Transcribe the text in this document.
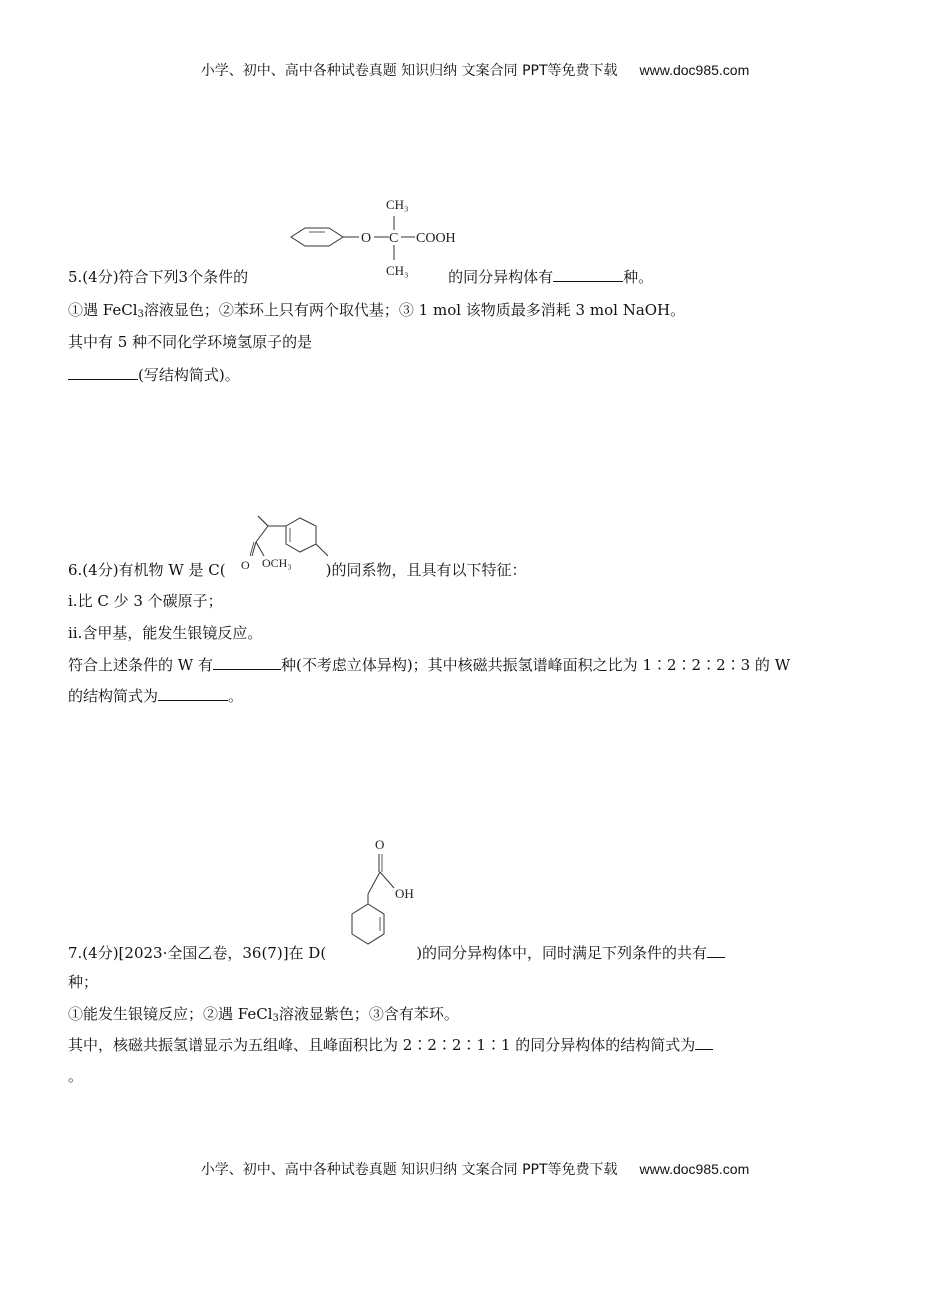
小学、初中、高中各种试卷真题 知识归纳 文案合同 PPT等免费下载 www.doc985.com
O C
CH₃
CH₃
COOH
5.(4分)符合下列3个条件的	的同分异构体有	种。
①遇 FeCl$_3$溶液显色；②苯环上只有两个取代基；③ 1 mol 该物质最多消耗 3 mol NaOH。
其中有 5 种不同化学环境氢原子的是
(写结构简式)。
O OCH₃
6.(4分)有机物 W 是 C(	)的同系物，且具有以下特征：
ⅰ.比 C 少 3 个碳原子；
ⅱ.含甲基，能发生银镜反应。
符合上述条件的 W 有	种(不考虑立体异构)；其中核磁共振氢谱峰面积之比为 1∶2∶2∶2∶3 的 W
的结构简式为	。
O
OH
7.(4分)[2023·全国乙卷，36(7)]在 D(	)的同分异构体中，同时满足下列条件的共有
种；
①能发生银镜反应；②遇 FeCl$_3$溶液显紫色；③含有苯环。
其中，核磁共振氢谱显示为五组峰、且峰面积比为 2∶2∶2∶1∶1 的同分异构体的结构简式为
。
小学、初中、高中各种试卷真题 知识归纳 文案合同 PPT等免费下载 www.doc985.com
